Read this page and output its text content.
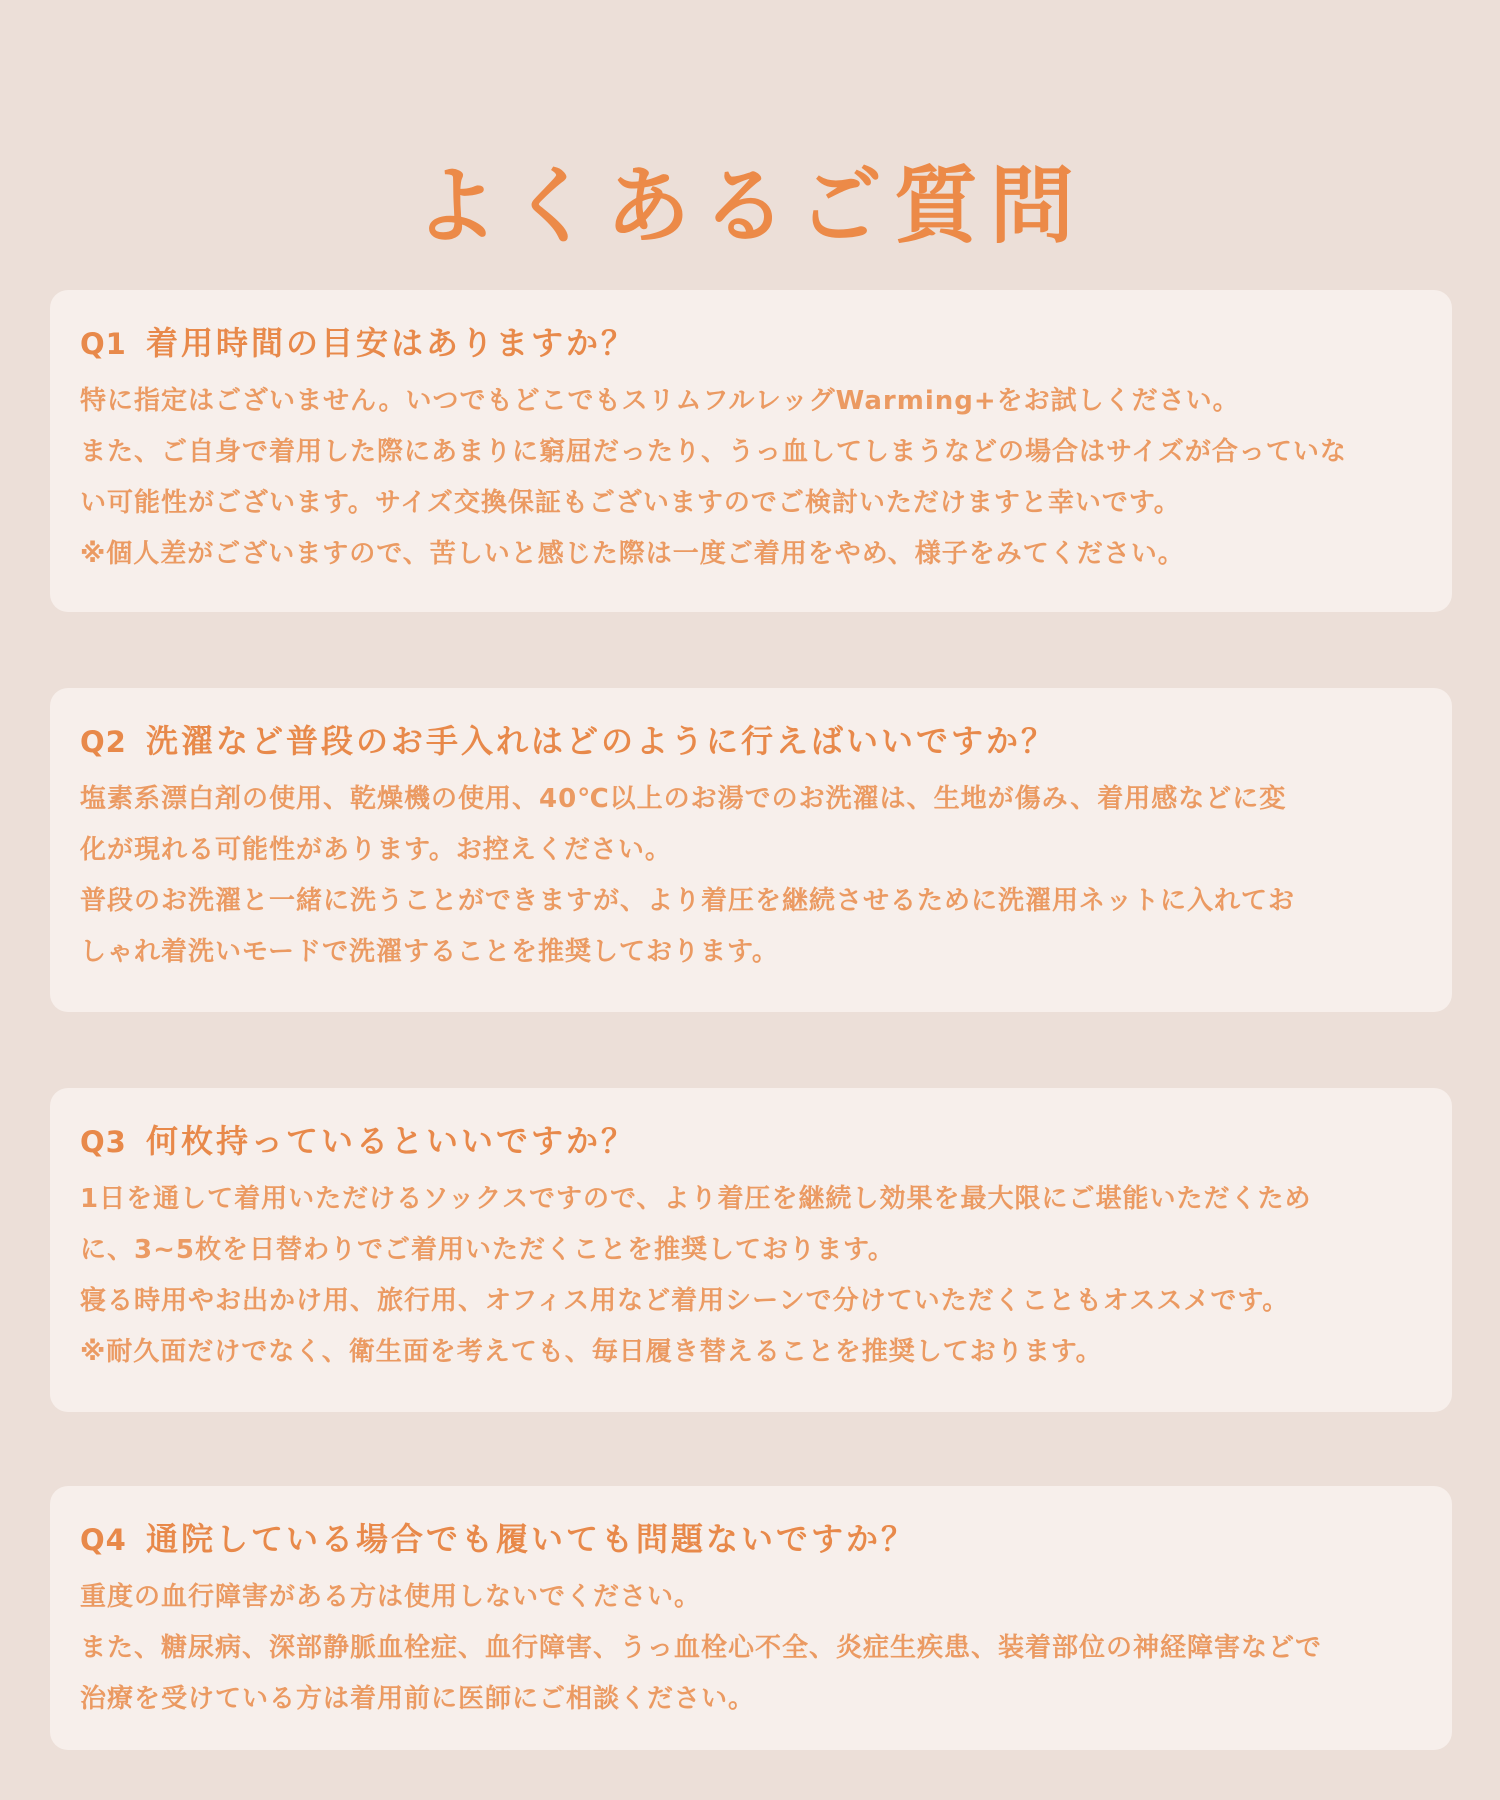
よくあるご質問
Q1 着用時間の目安はありますか？
特に指定はございません。いつでもどこでもスリムフルレッグWarming+をお試しください。
また、ご自身で着用した際にあまりに窮屈だったり、うっ血してしまうなどの場合はサイズが合っていな
い可能性がございます。サイズ交換保証もございますのでご検討いただけますと幸いです。
※個人差がございますので、苦しいと感じた際は一度ご着用をやめ、様子をみてください。
Q2 洗濯など普段のお手入れはどのように行えばいいですか？
塩素系漂白剤の使用、乾燥機の使用、40℃以上のお湯でのお洗濯は、生地が傷み、着用感などに変
化が現れる可能性があります。お控えください。
普段のお洗濯と一緒に洗うことができますが、より着圧を継続させるために洗濯用ネットに入れてお
しゃれ着洗いモードで洗濯することを推奨しております。
Q3 何枚持っているといいですか？
1日を通して着用いただけるソックスですので、より着圧を継続し効果を最大限にご堪能いただくため
に、3~5枚を日替わりでご着用いただくことを推奨しております。
寝る時用やお出かけ用、旅行用、オフィス用など着用シーンで分けていただくこともオススメです。
※耐久面だけでなく、衛生面を考えても、毎日履き替えることを推奨しております。
Q4 通院している場合でも履いても問題ないですか？
重度の血行障害がある方は使用しないでください。
また、糖尿病、深部静脈血栓症、血行障害、うっ血栓心不全、炎症生疾患、装着部位の神経障害などで
治療を受けている方は着用前に医師にご相談ください。
